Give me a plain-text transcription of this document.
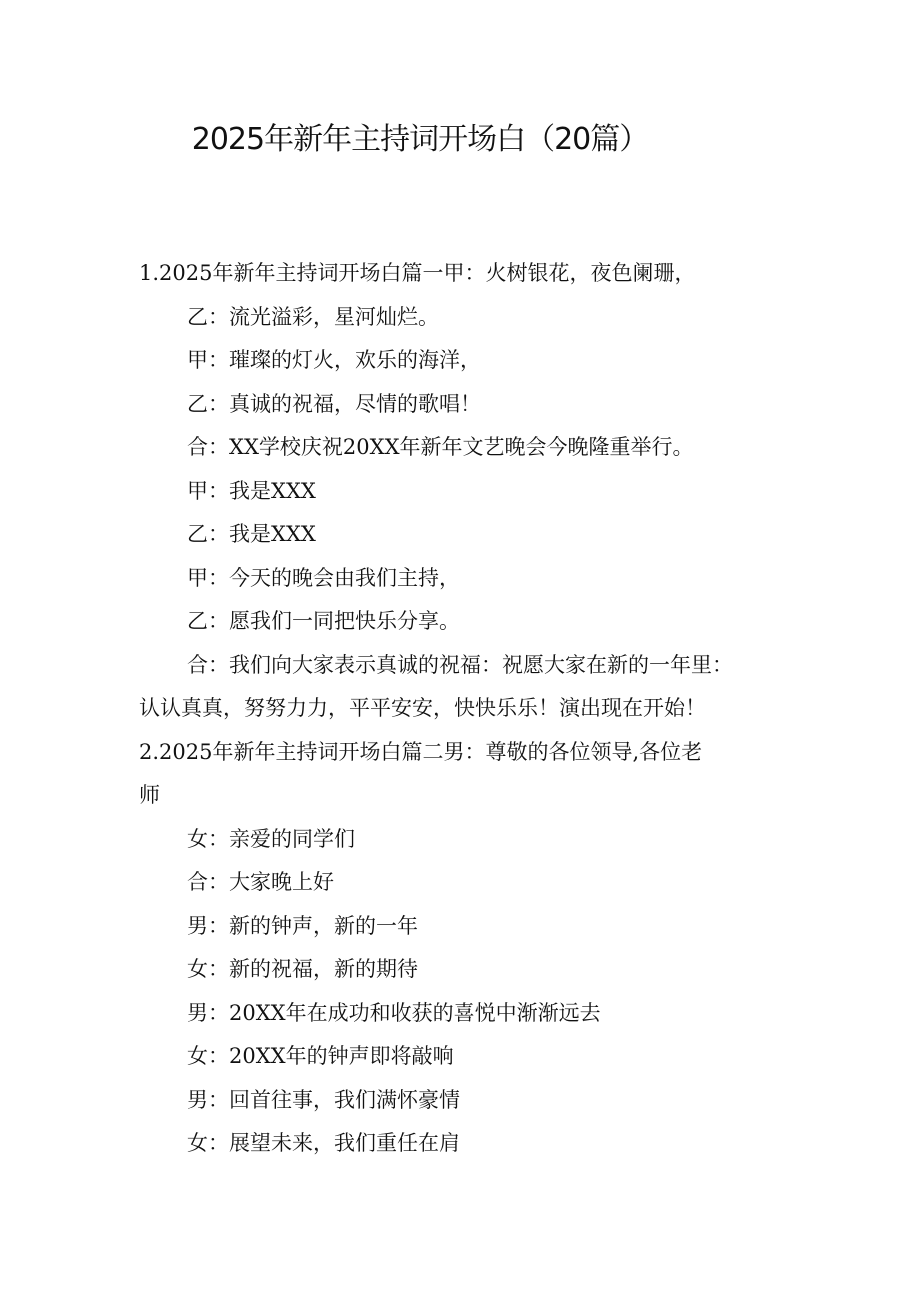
2025年新年主持词开场白（20篇）

1.2025年新年主持词开场白篇一甲：火树银花，夜色阑珊，

乙：流光溢彩，星河灿烂。

甲：璀璨的灯火，欢乐的海洋，

乙：真诚的祝福，尽情的歌唱！

合：XX学校庆祝20XX年新年文艺晚会今晚隆重举行。

甲：我是XXX

乙：我是XXX

甲：今天的晚会由我们主持，

乙：愿我们一同把快乐分享。

合：我们向大家表示真诚的祝福：祝愿大家在新的一年里：

认认真真，努努力力，平平安安，快快乐乐！演出现在开始！

2.2025年新年主持词开场白篇二男：尊敬的各位领导,各位老

师

女：亲爱的同学们

合：大家晚上好

男：新的钟声，新的一年

女：新的祝福，新的期待

男：20XX年在成功和收获的喜悦中渐渐远去

女：20XX年的钟声即将敲响

男：回首往事，我们满怀豪情

女：展望未来，我们重任在肩
